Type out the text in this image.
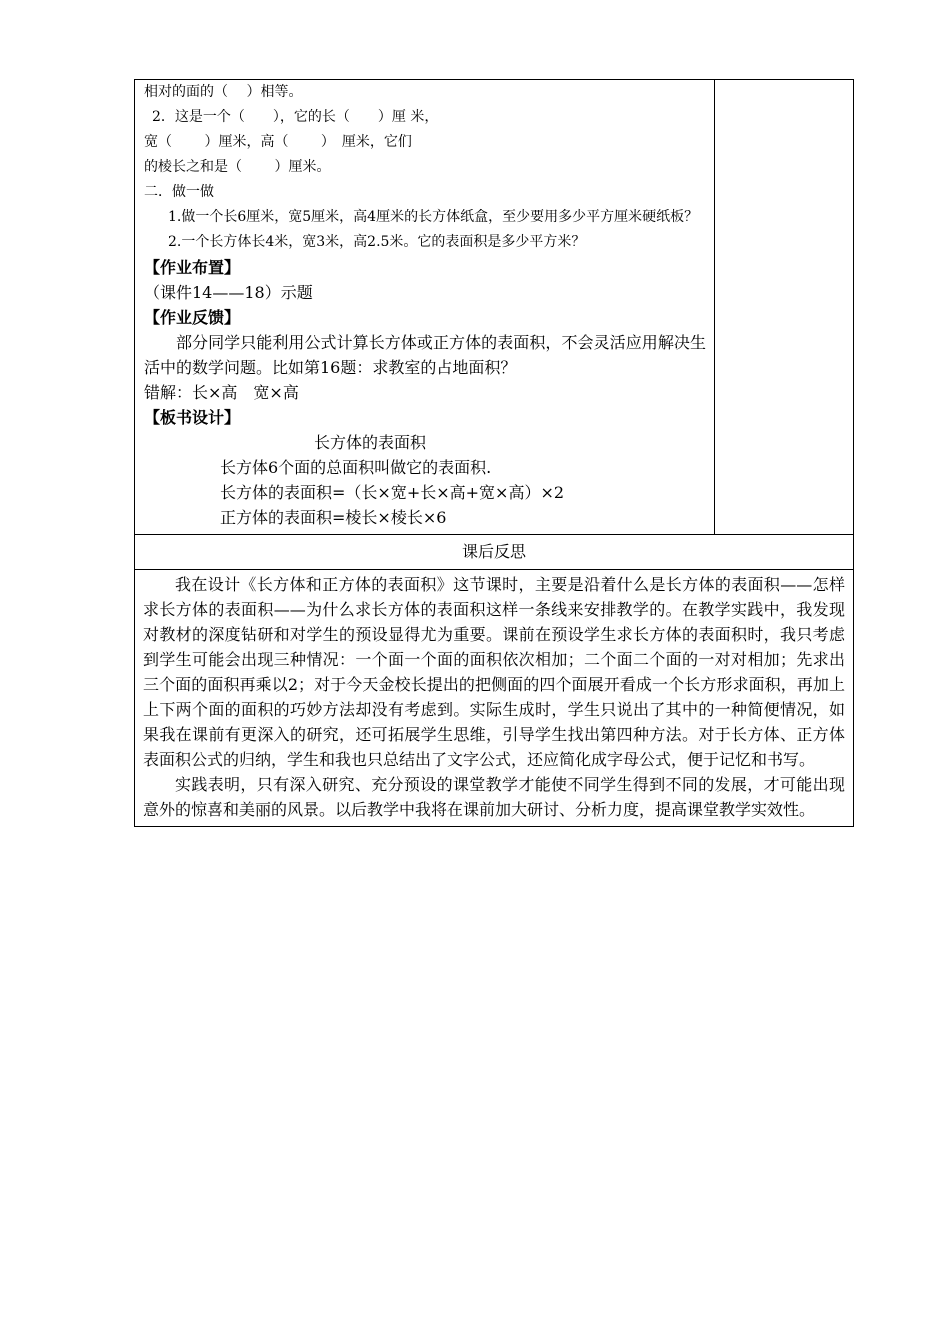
相对的面的（　 ）相等。

2．这是一个（　　），它的长（　　）厘 米，

宽（　　 ）厘米，高（　　 ）　厘米，它们

的棱长之和是（　　 ）厘米。

二．做一做

1.做一个长6厘米，宽5厘米，高4厘米的长方体纸盒，至少要用多少平方厘米硬纸板？

2.一个长方体长4米，宽3米，高2.5米。它的表面积是多少平方米？

【作业布置】

（课件14——18）示题

【作业反馈】

部分同学只能利用公式计算长方体或正方体的表面积，不会灵活应用解决生活中的数学问题。比如第16题：求教室的占地面积？

错解：长×高　宽×高

【板书设计】

长方体的表面积

长方体6个面的总面积叫做它的表面积.

长方体的表面积=（长×宽+长×高+宽×高）×2

正方体的表面积=棱长×棱长×6

课后反思

我在设计《长方体和正方体的表面积》这节课时，主要是沿着什么是长方体的表面积——怎样求长方体的表面积——为什么求长方体的表面积这样一条线来安排教学的。在教学实践中，我发现对教材的深度钻研和对学生的预设显得尤为重要。课前在预设学生求长方体的表面积时，我只考虑到学生可能会出现三种情况：一个面一个面的面积依次相加；二个面二个面的一对对相加；先求出三个面的面积再乘以2；对于今天金校长提出的把侧面的四个面展开看成一个长方形求面积，再加上上下两个面的面积的巧妙方法却没有考虑到。实际生成时，学生只说出了其中的一种简便情况，如果我在课前有更深入的研究，还可拓展学生思维，引导学生找出第四种方法。对于长方体、正方体表面积公式的归纳，学生和我也只总结出了文字公式，还应简化成字母公式，便于记忆和书写。

实践表明，只有深入研究、充分预设的课堂教学才能使不同学生得到不同的发展，才可能出现意外的惊喜和美丽的风景。以后教学中我将在课前加大研讨、分析力度，提高课堂教学实效性。
